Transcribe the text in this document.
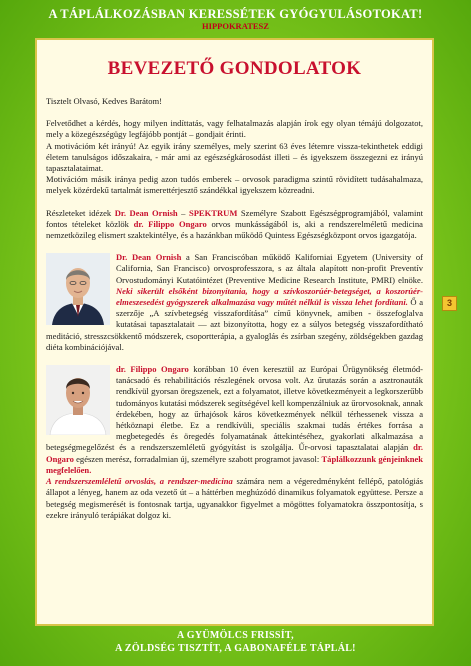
A TÁPLÁLKOZÁSBAN KERESSÉTEK GYÓGYULÁSOTOKAT!
HIPPOKRATESZ
BEVEZETŐ GONDOLATOK

Tisztelt Olvasó, Kedves Barátom!

Felvetődhet a kérdés, hogy milyen indíttatás, vagy felhatalmazás alapján írok egy olyan témájú dolgozatot, mely a közegészségügy legfájóbb pontját – gondjait érinti.

A motivációm két irányú! Az egyik irány személyes, mely szerint 63 éves létemre vissza-tekinthetek eddigi életem tanulságos időszakaira, - már ami az egészségkárosodást illeti – és igyekszem összegezni ez irányú tapasztalataimat.

Motivációm másik iránya pedig azon tudós emberek – orvosok paradigma szintű rövidített tudásahalmaza, melyek közérdekű tartalmát ismerettérjesztő szándékkal igyekszem közreadni.

Részleteket idézek Dr. Dean Ornish – SPEKTRUM Személyre Szabott Egészségprogramjából, valamint fontos tételeket közlök dr. Filippo Ongaro orvos munkásságából is, aki a rendszerelméletű medicina nemzetközileg elismert szaktekintélye, és a hazánkban működő Quintess Egészségközpont orvos igazgatója.

Dr. Dean Ornish a San Franciscóban működő Kaliforniai Egyetem (University of California, San Francisco) orvosprofesszora, s az általa alapított non-profit Preventív Orvostudományi Kutatóintézet (Preventive Medicine Research Institute, PMRI) elnöke. Neki sikerült elsőként bizonyítania, hogy a szívkoszorúér-betegséget, a koszorúér-elmeszesedést gyógyszerek alkalmazása vagy műtét nélkül is vissza lehet fordítani. Ő a szerzője „A szívbetegség visszafordítása” című könyvnek, amiben - összefoglalva kutatásai tapasztalatait — azt bizonyította, hogy ez a súlyos betegség visszafordítható meditáció, stresszcsökkentő módszerek, csoportterápia, a gyaloglás és zsírban szegény, zöldségekben gazdag diéta kombinációjával.

dr. Filippo Ongaro korábban 10 éven keresztül az Európai Űrügynökség életmód-tanácsadó és rehabilitációs részlegének orvosa volt. Az űrutazás során a asztronauták rendkívül gyorsan öregszenek, ezt a folyamatot, illetve következményeit a legkorszerűbb tudományos kutatási módszerek segítségével kell kompenzálniuk az űrorvosoknak, annak érdekében, hogy az űrhajósok káros következmények nélkül térhessenek vissza a hétköznapi életbe. Ez a rendkívüli, speciális szakmai tudás értékes forrása a megbetegedés és öregedés folyamatának áttekintéséhez, gyakorlati alkalmazása a betegségmegelőzést és a rendszerszemléletű gyógyítást is szolgálja. Űr-orvosi tapasztalatai alapján dr. Ongaro egészen merész, forradalmian új, személyre szabott programot javasol: Táplálkozzunk génjeinknek megfelelően.

A rendszerszemléletű orvoslás, a rendszer-medicina számára nem a végeredményként fellépő, patológiás állapot a lényeg, hanem az oda vezető út – a háttérben meghúzódó dinamikus folyamatok együttese. Persze a betegség megismerését is fontosnak tartja, ugyanakkor figyelmet a mögöttes folyamatokra összpontosítja, s ezekre irányuló terápiákat dolgoz ki.

3
A GYÜMÖLCS FRISSÍT,
A ZÖLDSÉG TISZTÍT, A GABONAFÉLE TÁPLÁL!
